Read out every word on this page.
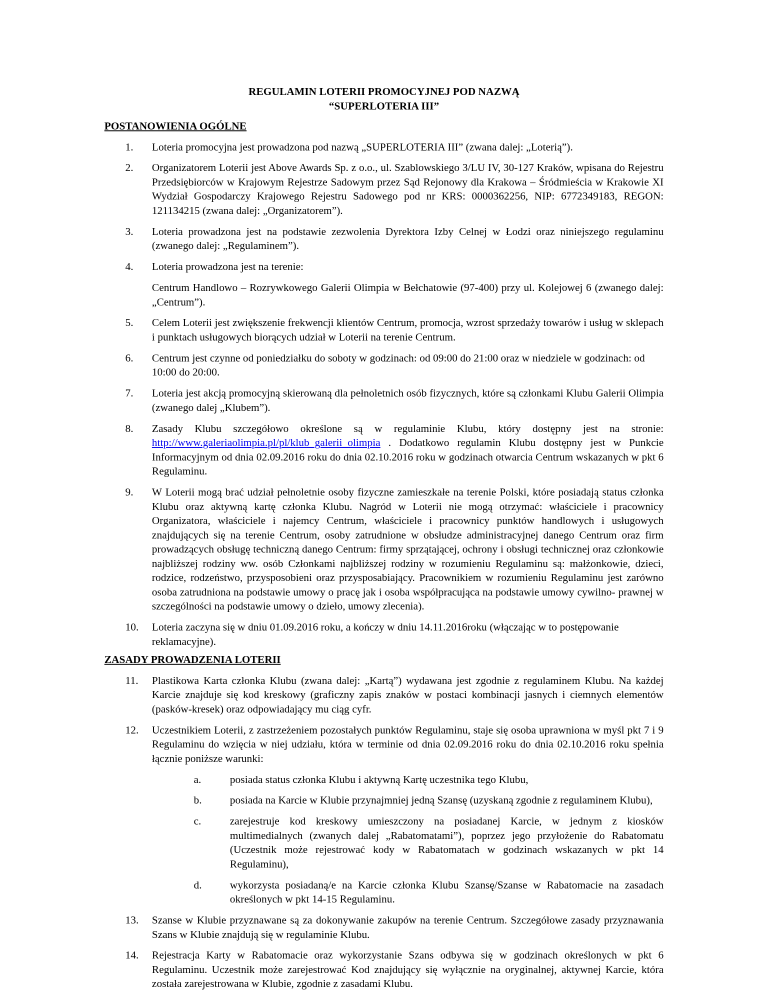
REGULAMIN LOTERII PROMOCYJNEJ POD NAZWĄ
“SUPERLOTERIA III”
POSTANOWIENIA OGÓLNE
1. Loteria promocyjna jest prowadzona pod nazwą „SUPERLOTERIA III” (zwana dalej: „Loterią”).
2. Organizatorem Loterii jest Above Awards Sp. z o.o., ul. Szablowskiego 3/LU IV, 30-127 Kraków, wpisana do Rejestru Przedsiębiorców w Krajowym Rejestrze Sadowym przez Sąd Rejonowy dla Krakowa – Śródmieścia w Krakowie XI Wydział Gospodarczy Krajowego Rejestru Sadowego pod nr KRS: 0000362256, NIP: 6772349183, REGON: 121134215 (zwana dalej: „Organizatorem”).
3. Loteria prowadzona jest na podstawie zezwolenia Dyrektora Izby Celnej w Łodzi oraz niniejszego regulaminu (zwanego dalej: „Regulaminem”).
4. Loteria prowadzona jest na terenie:
Centrum Handlowo – Rozrywkowego Galerii Olimpia w Bełchatowie (97-400) przy ul. Kolejowej 6 (zwanego dalej: „Centrum”).
5. Celem Loterii jest zwiększenie frekwencji klientów Centrum, promocja, wzrost sprzedaży towarów i usług w sklepach i punktach usługowych biorących udział w Loterii na terenie Centrum.
6. Centrum jest czynne od poniedziałku do soboty w godzinach: od 09:00 do 21:00 oraz w niedziele w godzinach: od 10:00 do 20:00.
7. Loteria jest akcją promocyjną skierowaną dla pełnoletnich osób fizycznych, które są członkami Klubu Galerii Olimpia (zwanego dalej „Klubem”).
8. Zasady Klubu szczegółowo określone są w regulaminie Klubu, który dostępny jest na stronie: http://www.galeriaolimpia.pl/pl/klub_galerii_olimpia . Dodatkowo regulamin Klubu dostępny jest w Punkcie Informacyjnym od dnia 02.09.2016 roku do dnia 02.10.2016 roku w godzinach otwarcia Centrum wskazanych w pkt 6 Regulaminu.
9. W Loterii mogą brać udział pełnoletnie osoby fizyczne zamieszkałe na terenie Polski, które posiadają status członka Klubu oraz aktywną kartę członka Klubu. Nagród w Loterii nie mogą otrzymać: właściciele i pracownicy Organizatora, właściciele i najemcy Centrum, właściciele i pracownicy punktów handlowych i usługowych znajdujących się na terenie Centrum, osoby zatrudnione w obsłudze administracyjnej danego Centrum oraz firm prowadzących obsługę techniczną danego Centrum: firmy sprzątającej, ochrony i obsługi technicznej oraz członkowie najbliższej rodziny ww. osób Członkami najbliższej rodziny w rozumieniu Regulaminu są: małżonkowie, dzieci, rodzice, rodzeństwo, przysposobieni oraz przysposabiający. Pracownikiem w rozumieniu Regulaminu jest zarówno osoba zatrudniona na podstawie umowy o pracę jak i osoba współpracująca na podstawie umowy cywilno- prawnej w szczególności na podstawie umowy o dzieło, umowy zlecenia).
10. Loteria zaczyna się w dniu 01.09.2016 roku, a kończy w dniu 14.11.2016roku (włączając w to postępowanie reklamacyjne).
ZASADY PROWADZENIA LOTERII
11. Plastikowa Karta członka Klubu (zwana dalej: „Kartą”) wydawana jest zgodnie z regulaminem Klubu. Na każdej Karcie znajduje się kod kreskowy (graficzny zapis znaków w postaci kombinacji jasnych i ciemnych elementów (pasków-kresek) oraz odpowiadający mu ciąg cyfr.
12. Uczestnikiem Loterii, z zastrzeżeniem pozostałych punktów Regulaminu, staje się osoba uprawniona w myśl pkt 7 i 9 Regulaminu do wzięcia w niej udziału, która w terminie od dnia 02.09.2016 roku do dnia 02.10.2016 roku spełnia łącznie poniższe warunki:
a.	posiada status członka Klubu i aktywną Kartę uczestnika tego Klubu,
b. posiada na Karcie w Klubie przynajmniej jedną Szansę (uzyskaną zgodnie z regulaminem Klubu),
c.	zarejestruje kod kreskowy umieszczony na posiadanej Karcie, w jednym z kiosków multimedialnych (zwanych dalej „Rabatomatami”), poprzez jego przyłożenie do Rabatomatu (Uczestnik może rejestrować kody w Rabatomatach w godzinach wskazanych w pkt 14 Regulaminu),
d. wykorzysta posiadaną/e na Karcie członka Klubu Szansę/Szanse w Rabatomacie na zasadach określonych w pkt 14-15 Regulaminu.
13. Szanse w Klubie przyznawane są za dokonywanie zakupów na terenie Centrum. Szczegółowe zasady przyznawania Szans w Klubie znajdują się w regulaminie Klubu.
14. Rejestracja Karty w Rabatomacie oraz wykorzystanie Szans odbywa się w godzinach określonych w pkt 6 Regulaminu. Uczestnik może zarejestrować Kod znajdujący się wyłącznie na oryginalnej, aktywnej Karcie, która została zarejestrowana w Klubie, zgodnie z zasadami Klubu.
